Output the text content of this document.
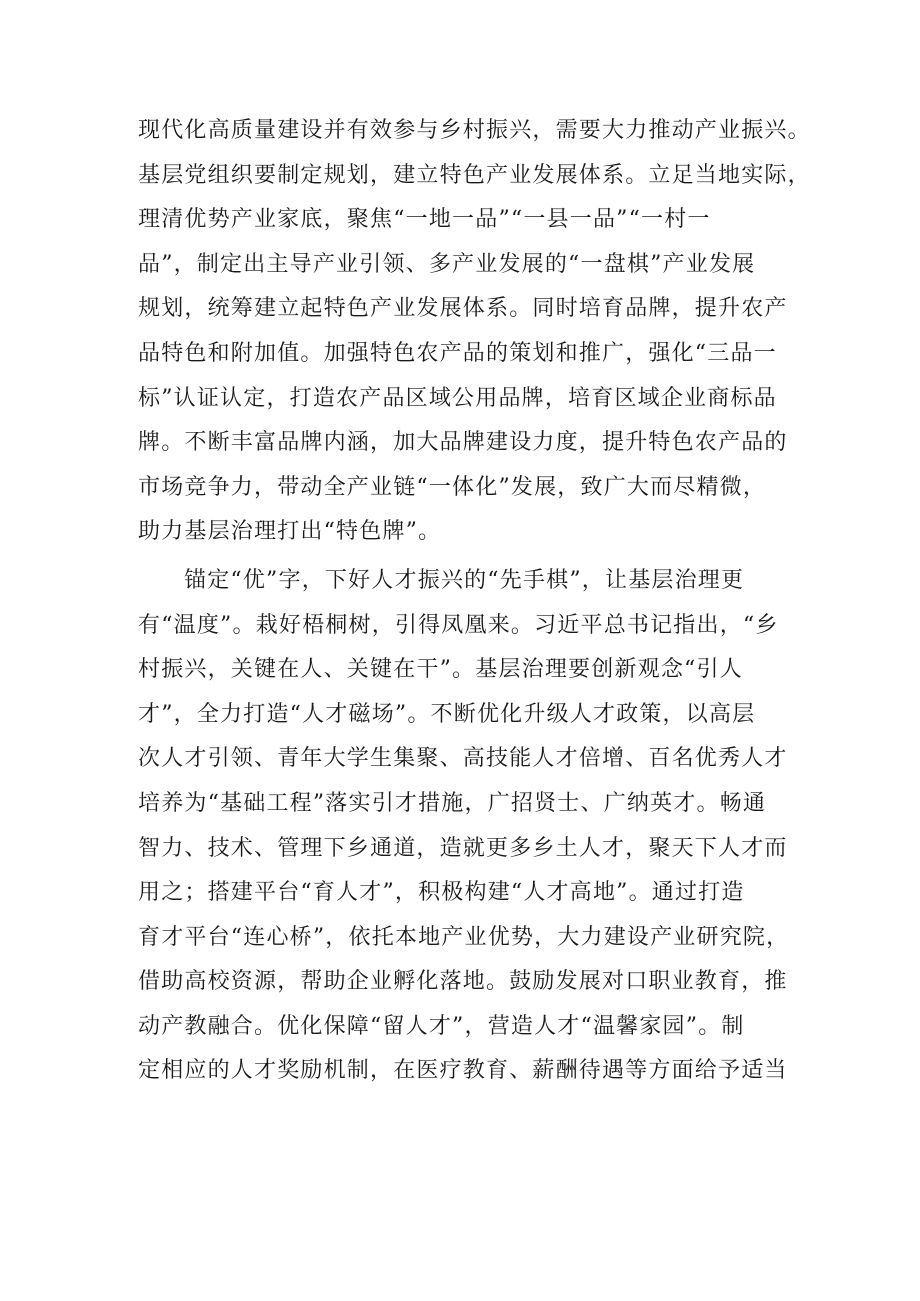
现代化高质量建设并有效参与乡村振兴，需要大力推动产业振兴。
基层党组织要制定规划，建立特色产业发展体系。立足当地实际，
理清优势产业家底，聚焦“一地一品”“一县一品”“一村一
品”，制定出主导产业引领、多产业发展的“一盘棋”产业发展
规划，统筹建立起特色产业发展体系。同时培育品牌，提升农产
品特色和附加值。加强特色农产品的策划和推广，强化“三品一
标”认证认定，打造农产品区域公用品牌，培育区域企业商标品
牌。不断丰富品牌内涵，加大品牌建设力度，提升特色农产品的
市场竞争力，带动全产业链“一体化”发展，致广大而尽精微，
助力基层治理打出“特色牌”。
锚定“优”字，下好人才振兴的“先手棋”，让基层治理更
有“温度”。栽好梧桐树，引得凤凰来。习近平总书记指出，“乡
村振兴，关键在人、关键在干”。基层治理要创新观念“引人
才”，全力打造“人才磁场”。不断优化升级人才政策，以高层
次人才引领、青年大学生集聚、高技能人才倍增、百名优秀人才
培养为“基础工程”落实引才措施，广招贤士、广纳英才。畅通
智力、技术、管理下乡通道，造就更多乡土人才，聚天下人才而
用之；搭建平台“育人才”，积极构建“人才高地”。通过打造
育才平台“连心桥”，依托本地产业优势，大力建设产业研究院，
借助高校资源，帮助企业孵化落地。鼓励发展对口职业教育，推
动产教融合。优化保障“留人才”，营造人才“温馨家园”。制
定相应的人才奖励机制，在医疗教育、薪酬待遇等方面给予适当
